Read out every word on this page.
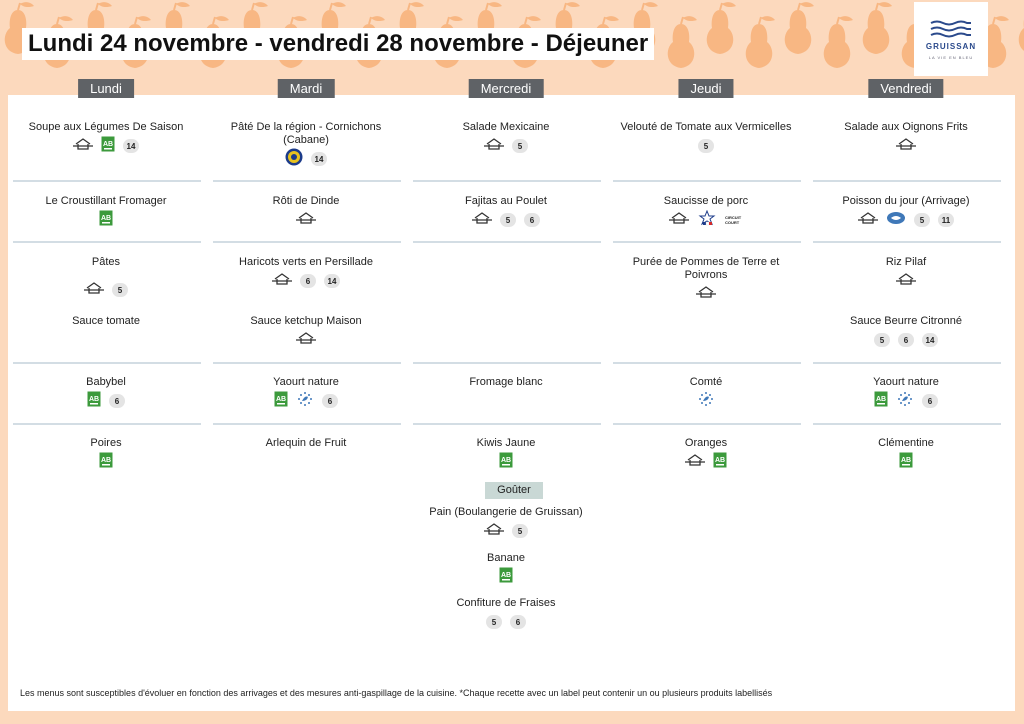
Lundi 24 novembre - vendredi 28 novembre - Déjeuner	GRUISSAN
LA VIE EN BLEU
Lundi
Soupe aux Légumes De Saison
AB	14
Le Croustillant Fromager
AB
Pâtes
5
Sauce tomate
Babybel
AB	6
Poires
AB
Mardi
Pâté De la région - Cornichons (Cabane)
14
Rôti de Dinde
Haricots verts en Persillade
6	14
Sauce ketchup Maison
Yaourt nature
AB	6
Arlequin de Fruit
Mercredi
Salade Mexicaine
5
Fajitas au Poulet
5	6
Fromage blanc
Kiwis Jaune
AB
Pain (Boulangerie de Gruissan)
5
Banane
AB
Confiture de Fraises
5	6
Jeudi
Velouté de Tomate aux Vermicelles
5
Saucisse de porc
CIRCUIT COURT
Purée de Pommes de Terre et Poivrons
Comté
Oranges
AB
Vendredi
Salade aux Oignons Frits
Poisson du jour (Arrivage)
5	11
Riz Pilaf
Sauce Beurre Citronné
5	6	14
Yaourt nature
AB	6
Clémentine
AB
Goûter
Les menus sont susceptibles d'évoluer en fonction des arrivages et des mesures anti-gaspillage de la cuisine. *Chaque recette avec un label peut contenir un ou plusieurs produits labellisés
